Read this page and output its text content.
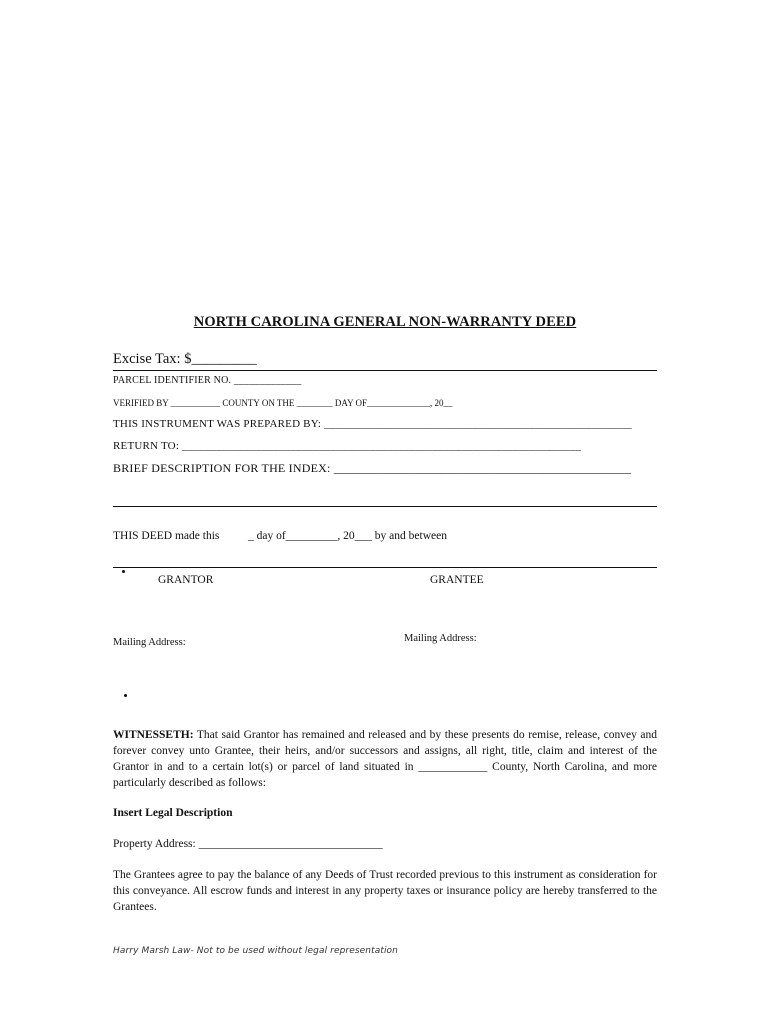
NORTH CAROLINA GENERAL NON-WARRANTY DEED
Excise Tax: $_________
PARCEL IDENTIFIER NO. _____________
VERIFIED BY ___________ COUNTY ON THE ________ DAY OF______________, 20__
THIS INSTRUMENT WAS PREPARED BY: ______________________________________________________
RETURN TO: ______________________________________________________________________
BRIEF DESCRIPTION FOR THE INDEX: ________________________________________________
THIS DEED made this _ day of_________, 20___ by and between
GRANTOR	GRANTEE
Mailing Address:	Mailing Address:
WITNESSETH: That said Grantor has remained and released and by these presents do remise, release, convey and forever convey unto Grantee, their heirs, and/or successors and assigns, all right, title, claim and interest of the Grantor in and to a certain lot(s) or parcel of land situated in ____________ County, North Carolina, and more particularly described as follows:
Insert Legal Description
Property Address: ________________________________
The Grantees agree to pay the balance of any Deeds of Trust recorded previous to this instrument as consideration for this conveyance. All escrow funds and interest in any property taxes or insurance policy are hereby transferred to the Grantees.
Harry Marsh Law- Not to be used without legal representation
